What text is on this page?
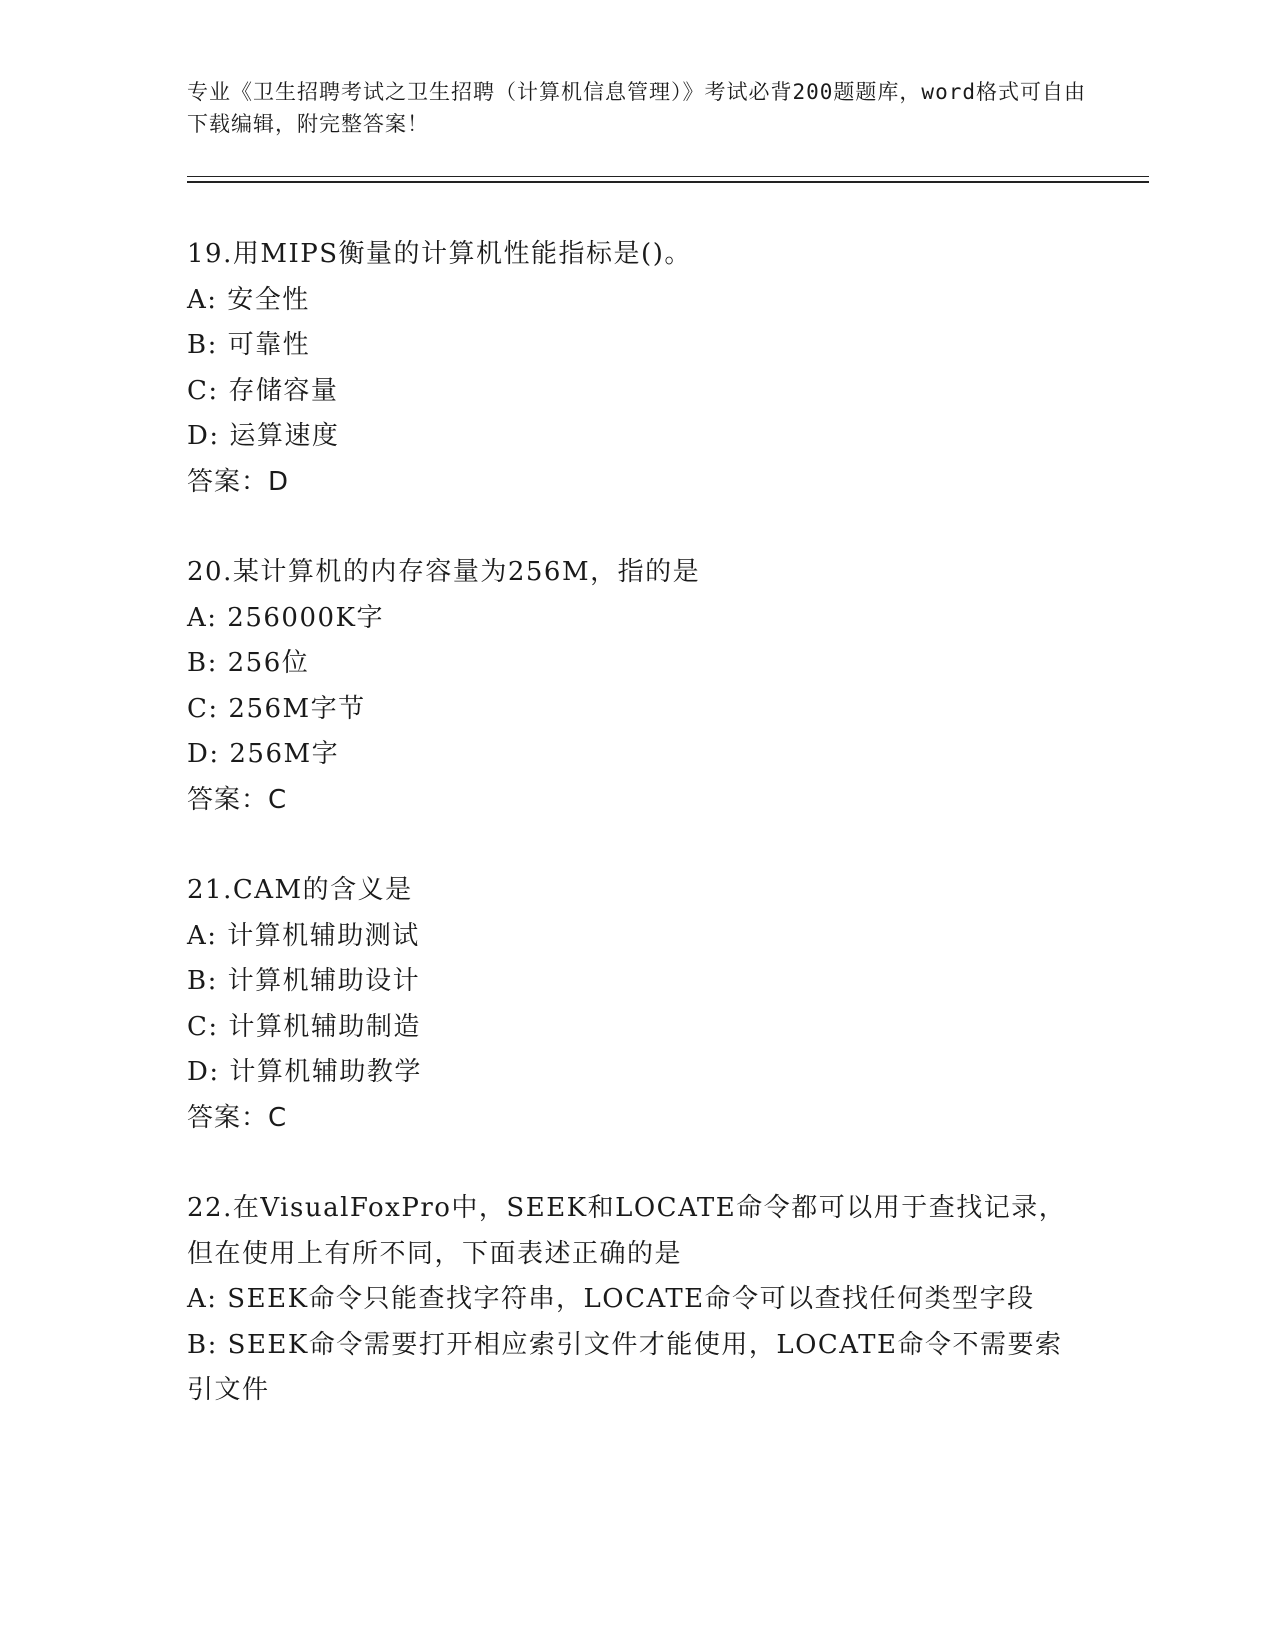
专业《卫生招聘考试之卫生招聘（计算机信息管理）》考试必背200题题库，word格式可自由下载编辑，附完整答案！
19.用MIPS衡量的计算机性能指标是()。
A: 安全性
B: 可靠性
C: 存储容量
D: 运算速度
答案：D
20.某计算机的内存容量为256M，指的是
A: 256000K字
B: 256位
C: 256M字节
D: 256M字
答案：C
21.CAM的含义是
A: 计算机辅助测试
B: 计算机辅助设计
C: 计算机辅助制造
D: 计算机辅助教学
答案：C
22.在VisualFoxPro中，SEEK和LOCATE命令都可以用于查找记录，但在使用上有所不同，下面表述正确的是
A: SEEK命令只能查找字符串，LOCATE命令可以查找任何类型字段
B: SEEK命令需要打开相应索引文件才能使用，LOCATE命令不需要索引文件
